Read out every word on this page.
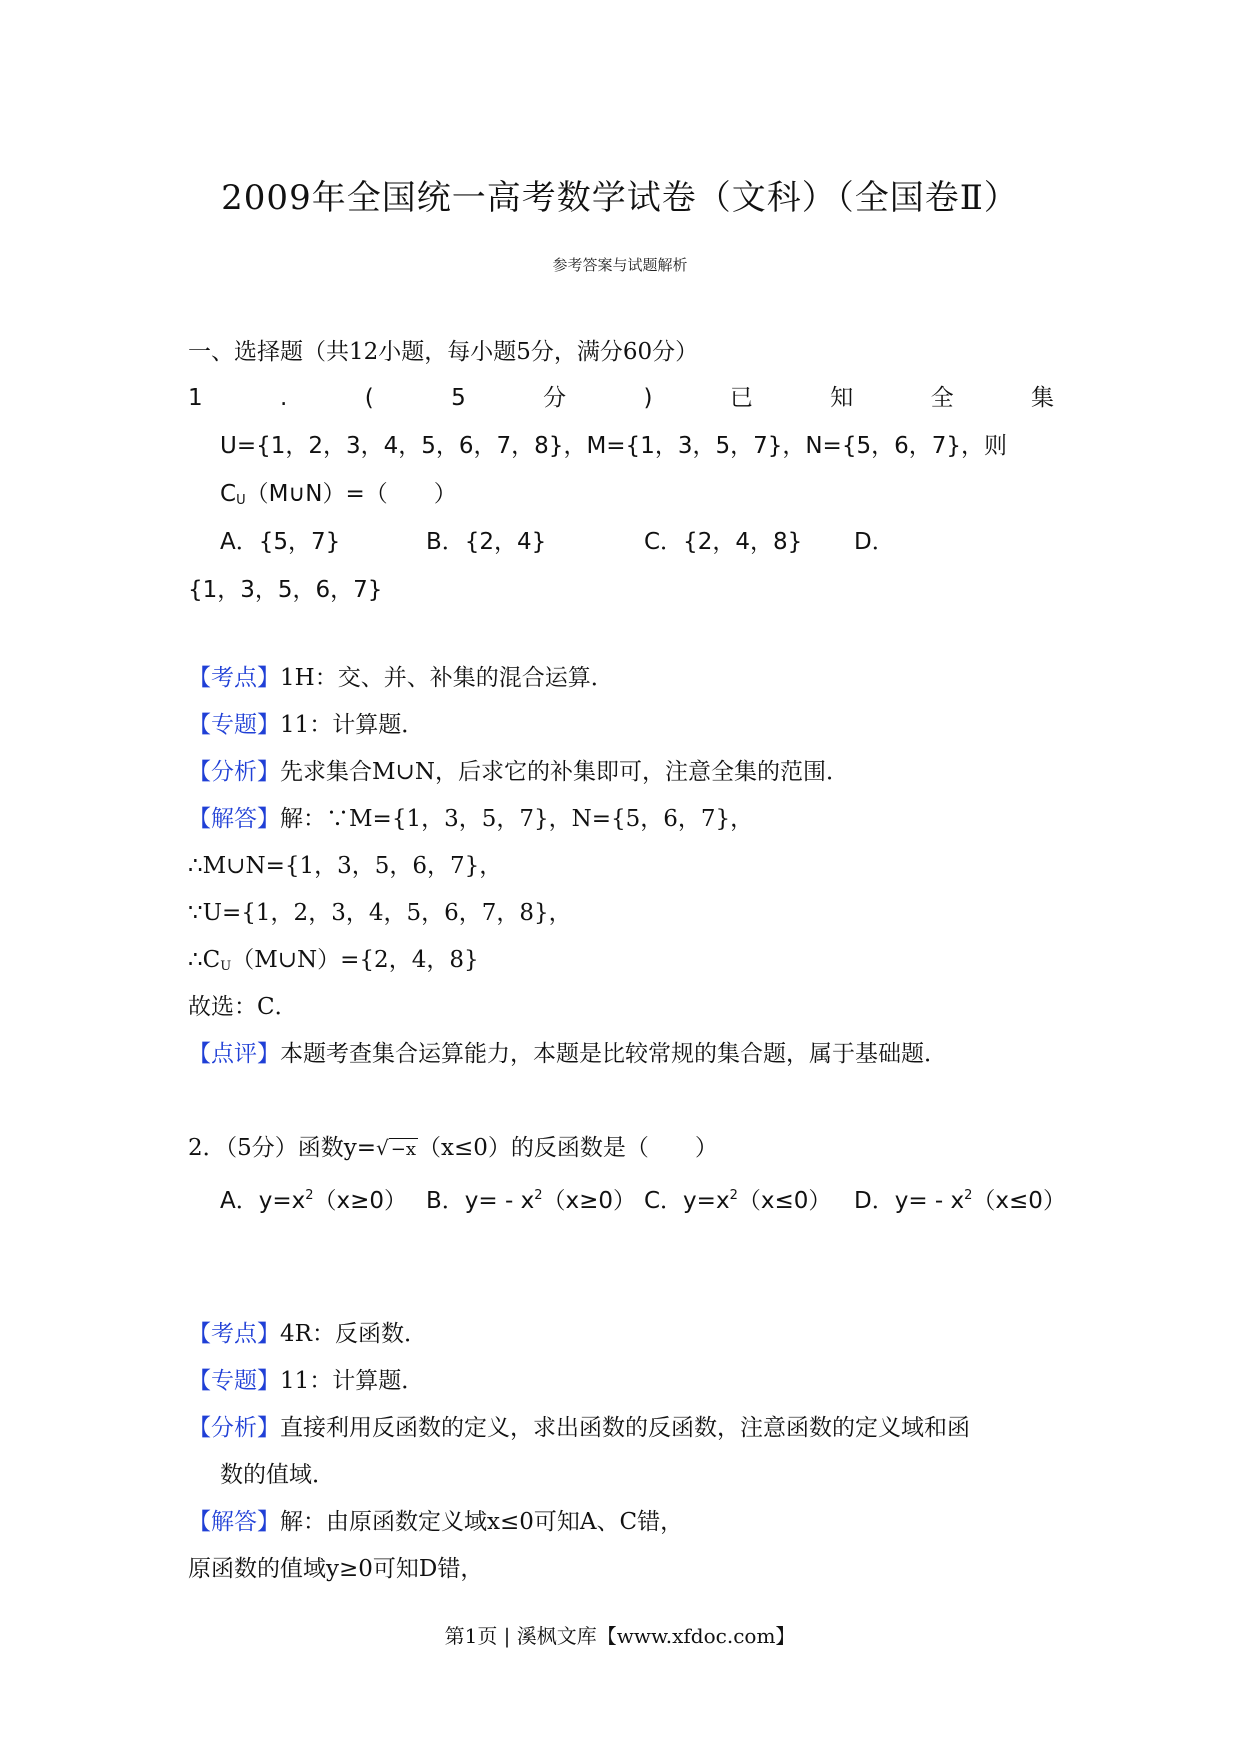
2009年全国统一高考数学试卷（文科）（全国卷Ⅱ）
参考答案与试题解析
一、选择题（共12小题，每小题5分，满分60分）
1	.	(	5	分	)	已	知	全	集
U={1，2，3，4，5，6，7，8}，M={1，3，5，7}，N={5，6，7}，则
$C_U(M\cup N)=$（　　）
A．{5，7}	B．{2，4}	C．{2，4，8} D．
{1，3，5，6，7}
【考点】1H：交、并、补集的混合运算．
【专题】11：计算题．
【分析】先求集合M∪N，后求它的补集即可，注意全集的范围．
【解答】解：∵M={1，3，5，7}，N={5，6，7}，
∴M∪N={1，3，5，6，7}，
∵U={1，2，3，4，5，6，7，8}，
$\therefore C_U(M\cup N)=\{2$，4，8}
故选：C．
【点评】本题考查集合运算能力，本题是比较常规的集合题，属于基础题．
2．（5分）函数y=√ −x（x≤0）的反函数是（　　）
A．$y=x^2(x\ge 0)$ B．$y= - x^2(x\ge 0)$ C．$y=x^2(x\le 0)$ D．$y= - x^2(x\le 0)$
【考点】4R：反函数．
【专题】11：计算题．
【分析】直接利用反函数的定义，求出函数的反函数，注意函数的定义域和函
数的值域．
【解答】解：由原函数定义域x≤0可知A、C错，
原函数的值域y≥0可知D错，
第1页 | 溪枫文库【www.xfdoc.com】
